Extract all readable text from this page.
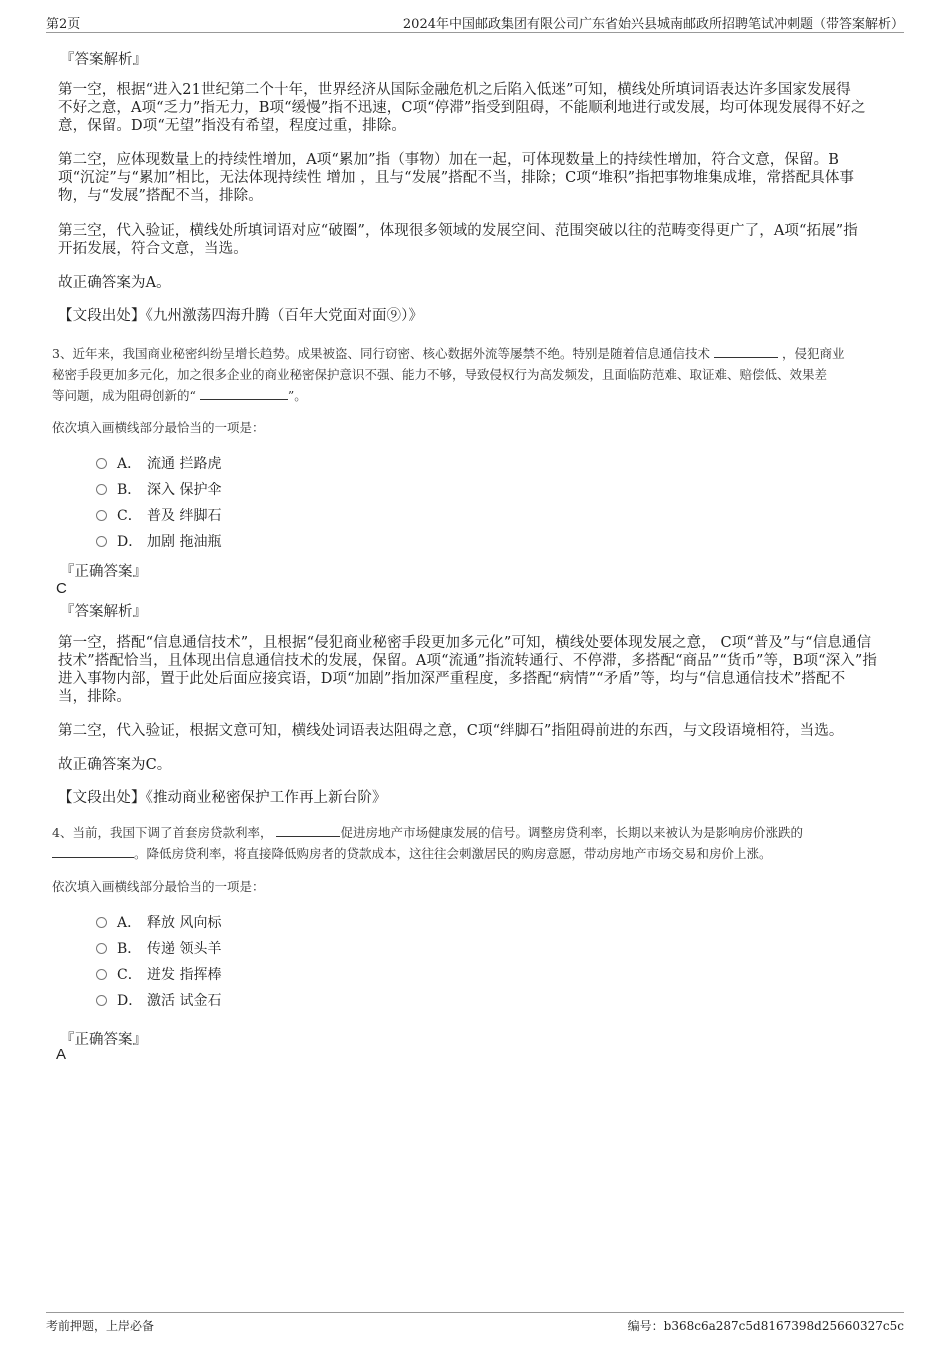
第2页	2024年中国邮政集团有限公司广东省始兴县城南邮政所招聘笔试冲刺题（带答案解析）
『答案解析』
第一空，根据“进入21世纪第二个十年，世界经济从国际金融危机之后陷入低迷”可知，横线处所填词语表达许多国家发展得
不好之意，A项“乏力”指无力，B项“缓慢”指不迅速，C项“停滞”指受到阻碍，不能顺利地进行或发展，均可体现发展得不好之
意，保留。D项“无望”指没有希望，程度过重，排除。
第二空，应体现数量上的持续性增加，A项“累加”指（事物）加在一起，可体现数量上的持续性增加，符合文意，保留。B
项“沉淀”与“累加”相比，无法体现持续性 增加 ，且与“发展”搭配不当，排除；C项“堆积”指把事物堆集成堆，常搭配具体事
物，与“发展”搭配不当，排除。
第三空，代入验证，横线处所填词语对应“破圈”，体现很多领域的发展空间、范围突破以往的范畴变得更广了，A项“拓展”指
开拓发展，符合文意，当选。
故正确答案为A。
【文段出处】《九州激荡四海升腾（百年大党面对面⑨）》
3、近年来，我国商业秘密纠纷呈增长趋势。成果被盗、同行窃密、核心数据外流等屡禁不绝。特别是随着信息通信技术	，侵犯商业
秘密手段更加多元化，加之很多企业的商业秘密保护意识不强、能力不够，导致侵权行为高发频发，且面临防范难、取证难、赔偿低、效果差
等问题，成为阻碍创新的“	”。
依次填入画横线部分最恰当的一项是：
A． 流通 拦路虎
B． 深入 保护伞
C． 普及 绊脚石
D． 加剧 拖油瓶
『正确答案』
C
『答案解析』
第一空，搭配“信息通信技术”，且根据“侵犯商业秘密手段更加多元化”可知，横线处要体现发展之意， C项“普及”与“信息通信
技术”搭配恰当，且体现出信息通信技术的发展，保留。A项“流通”指流转通行、不停滞，多搭配“商品”“货币”等，B项“深入”指
进入事物内部，置于此处后面应接宾语，D项“加剧”指加深严重程度，多搭配“病情”“矛盾”等，均与“信息通信技术”搭配不
当，排除。
第二空，代入验证，根据文意可知，横线处词语表达阻碍之意，C项“绊脚石”指阻碍前进的东西，与文段语境相符，当选。
故正确答案为C。
【文段出处】《推动商业秘密保护工作再上新台阶》
4、当前，我国下调了首套房贷款利率，	促进房地产市场健康发展的信号。调整房贷利率，长期以来被认为是影响房价涨跌的
。降低房贷利率，将直接降低购房者的贷款成本，这往往会刺激居民的购房意愿，带动房地产市场交易和房价上涨。
依次填入画横线部分最恰当的一项是：
A． 释放 风向标
B． 传递 领头羊
C． 迸发 指挥棒
D． 激活 试金石
『正确答案』
A
考前押题，上岸必备	编号：b368c6a287c5d8167398d25660327c5c
